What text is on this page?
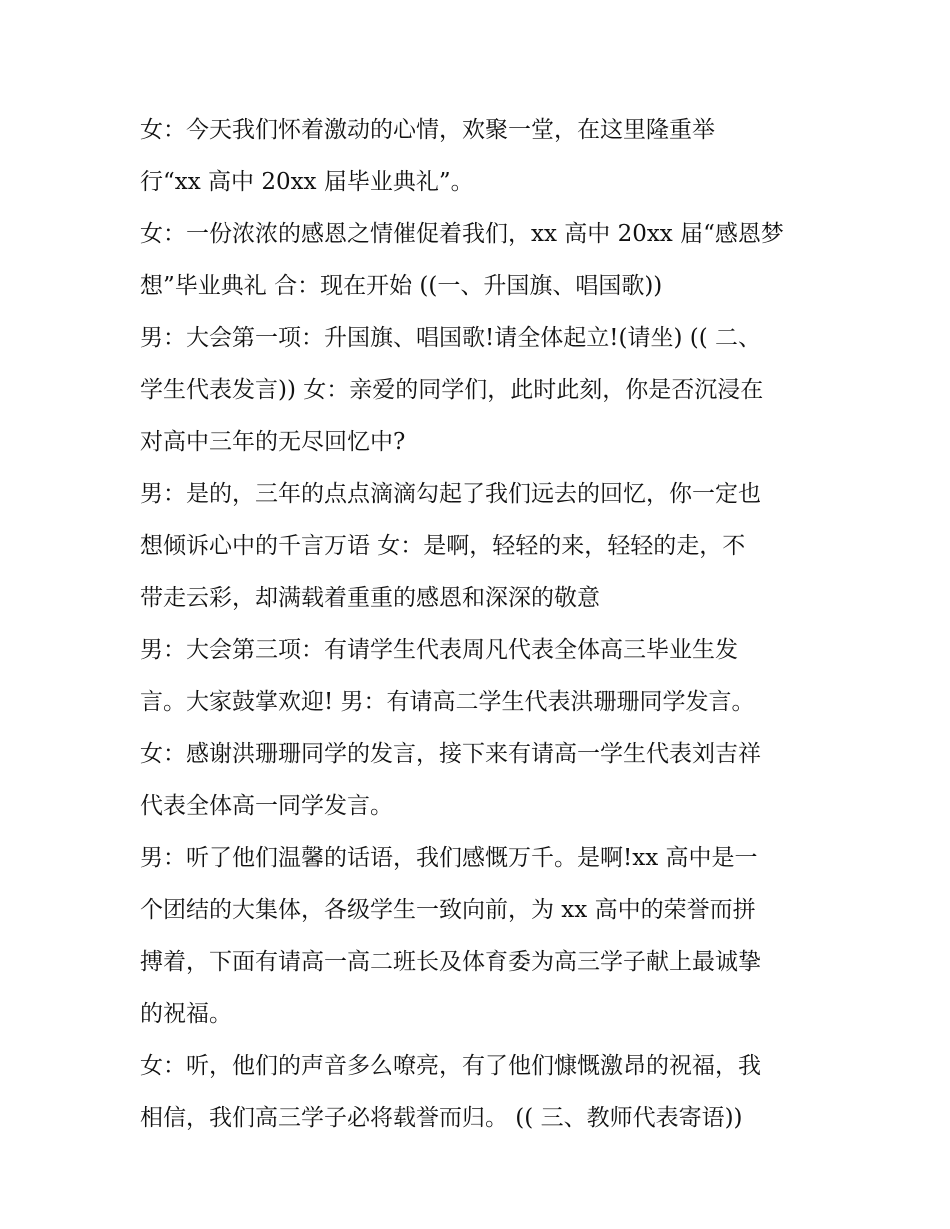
女：今天我们怀着激动的心情，欢聚一堂，在这里隆重举
行“xx 高中 20xx 届毕业典礼”。
女：一份浓浓的感恩之情催促着我们，xx 高中 20xx 届“感恩梦
想”毕业典礼 合：现在开始 ((一、升国旗、唱国歌))
男：大会第一项：升国旗、唱国歌!请全体起立!(请坐) (( 二、
学生代表发言)) 女：亲爱的同学们，此时此刻，你是否沉浸在
对高中三年的无尽回忆中?
男：是的，三年的点点滴滴勾起了我们远去的回忆，你一定也
想倾诉心中的千言万语 女：是啊，轻轻的来，轻轻的走，不
带走云彩，却满载着重重的感恩和深深的敬意
男：大会第三项：有请学生代表周凡代表全体高三毕业生发
言。大家鼓掌欢迎! 男：有请高二学生代表洪珊珊同学发言。
女：感谢洪珊珊同学的发言，接下来有请高一学生代表刘吉祥
代表全体高一同学发言。
男：听了他们温馨的话语，我们感慨万千。是啊!xx 高中是一
个团结的大集体，各级学生一致向前，为 xx 高中的荣誉而拼
搏着，下面有请高一高二班长及体育委为高三学子献上最诚挚
的祝福。
女：听，他们的声音多么嘹亮，有了他们慷慨激昂的祝福，我
相信，我们高三学子必将载誉而归。 (( 三、教师代表寄语))
